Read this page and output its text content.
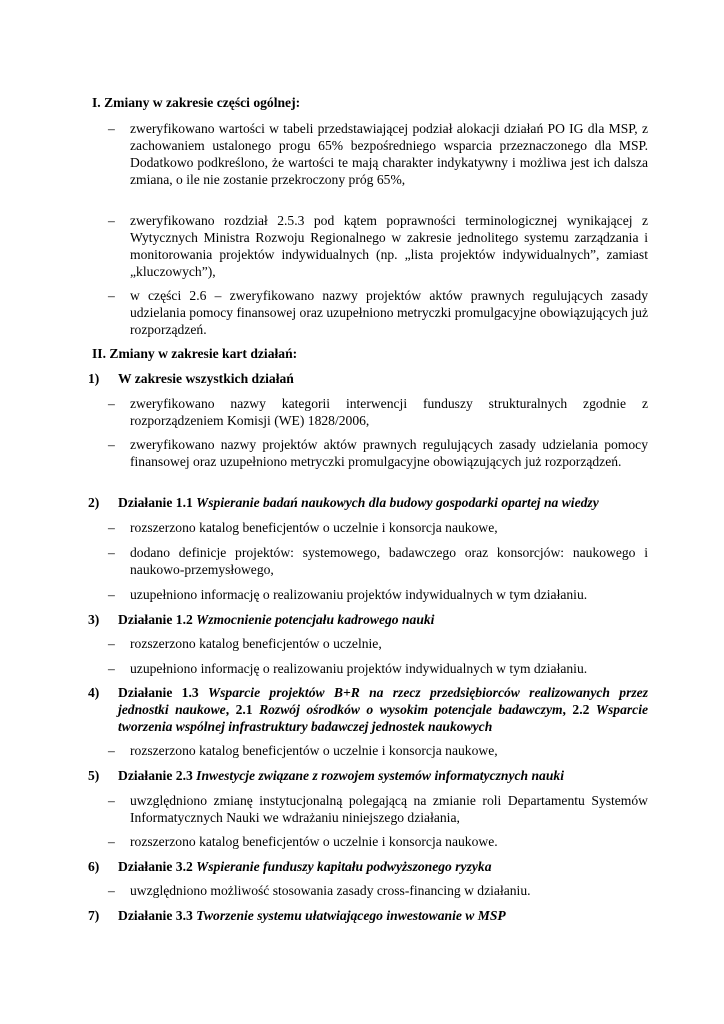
I. Zmiany w zakresie części ogólnej:
– zweryfikowano wartości w tabeli przedstawiającej podział alokacji działań PO IG dla MSP, z zachowaniem ustalonego progu 65% bezpośredniego wsparcia przeznaczonego dla MSP. Dodatkowo podkreślono, że wartości te mają charakter indykatywny i możliwa jest ich dalsza zmiana, o ile nie zostanie przekroczony próg 65%,
– zweryfikowano rozdział 2.5.3 pod kątem poprawności terminologicznej wynikającej z Wytycznych Ministra Rozwoju Regionalnego w zakresie jednolitego systemu zarządzania i monitorowania projektów indywidualnych (np. „lista projektów indywidualnych”, zamiast „kluczowych”),
– w części 2.6 – zweryfikowano nazwy projektów aktów prawnych regulujących zasady udzielania pomocy finansowej oraz uzupełniono metryczki promulgacyjne obowiązujących już rozporządzeń.
II. Zmiany w zakresie kart działań:
1) W zakresie wszystkich działań
– zweryfikowano nazwy kategorii interwencji funduszy strukturalnych zgodnie z rozporządzeniem Komisji (WE) 1828/2006,
– zweryfikowano nazwy projektów aktów prawnych regulujących zasady udzielania pomocy finansowej oraz uzupełniono metryczki promulgacyjne obowiązujących już rozporządzeń.
2) Działanie 1.1 Wspieranie badań naukowych dla budowy gospodarki opartej na wiedzy
– rozszerzono katalog beneficjentów o uczelnie i konsorcja naukowe,
– dodano definicje projektów: systemowego, badawczego oraz konsorcjów: naukowego i naukowo-przemysłowego,
– uzupełniono informację o realizowaniu projektów indywidualnych w tym działaniu.
3) Działanie 1.2 Wzmocnienie potencjału kadrowego nauki
– rozszerzono katalog beneficjentów o uczelnie,
– uzupełniono informację o realizowaniu projektów indywidualnych w tym działaniu.
4) Działanie 1.3 Wsparcie projektów B+R na rzecz przedsiębiorców realizowanych przez jednostki naukowe, 2.1 Rozwój ośrodków o wysokim potencjale badawczym, 2.2 Wsparcie tworzenia wspólnej infrastruktury badawczej jednostek naukowych
– rozszerzono katalog beneficjentów o uczelnie i konsorcja naukowe,
5) Działanie 2.3 Inwestycje związane z rozwojem systemów informatycznych nauki
– uwzględniono zmianę instytucjonalną polegającą na zmianie roli Departamentu Systemów Informatycznych Nauki we wdrażaniu niniejszego działania,
– rozszerzono katalog beneficjentów o uczelnie i konsorcja naukowe.
6) Działanie 3.2 Wspieranie funduszy kapitału podwyższonego ryzyka
– uwzględniono możliwość stosowania zasady cross-financing w działaniu.
7) Działanie 3.3 Tworzenie systemu ułatwiającego inwestowanie w MSP
